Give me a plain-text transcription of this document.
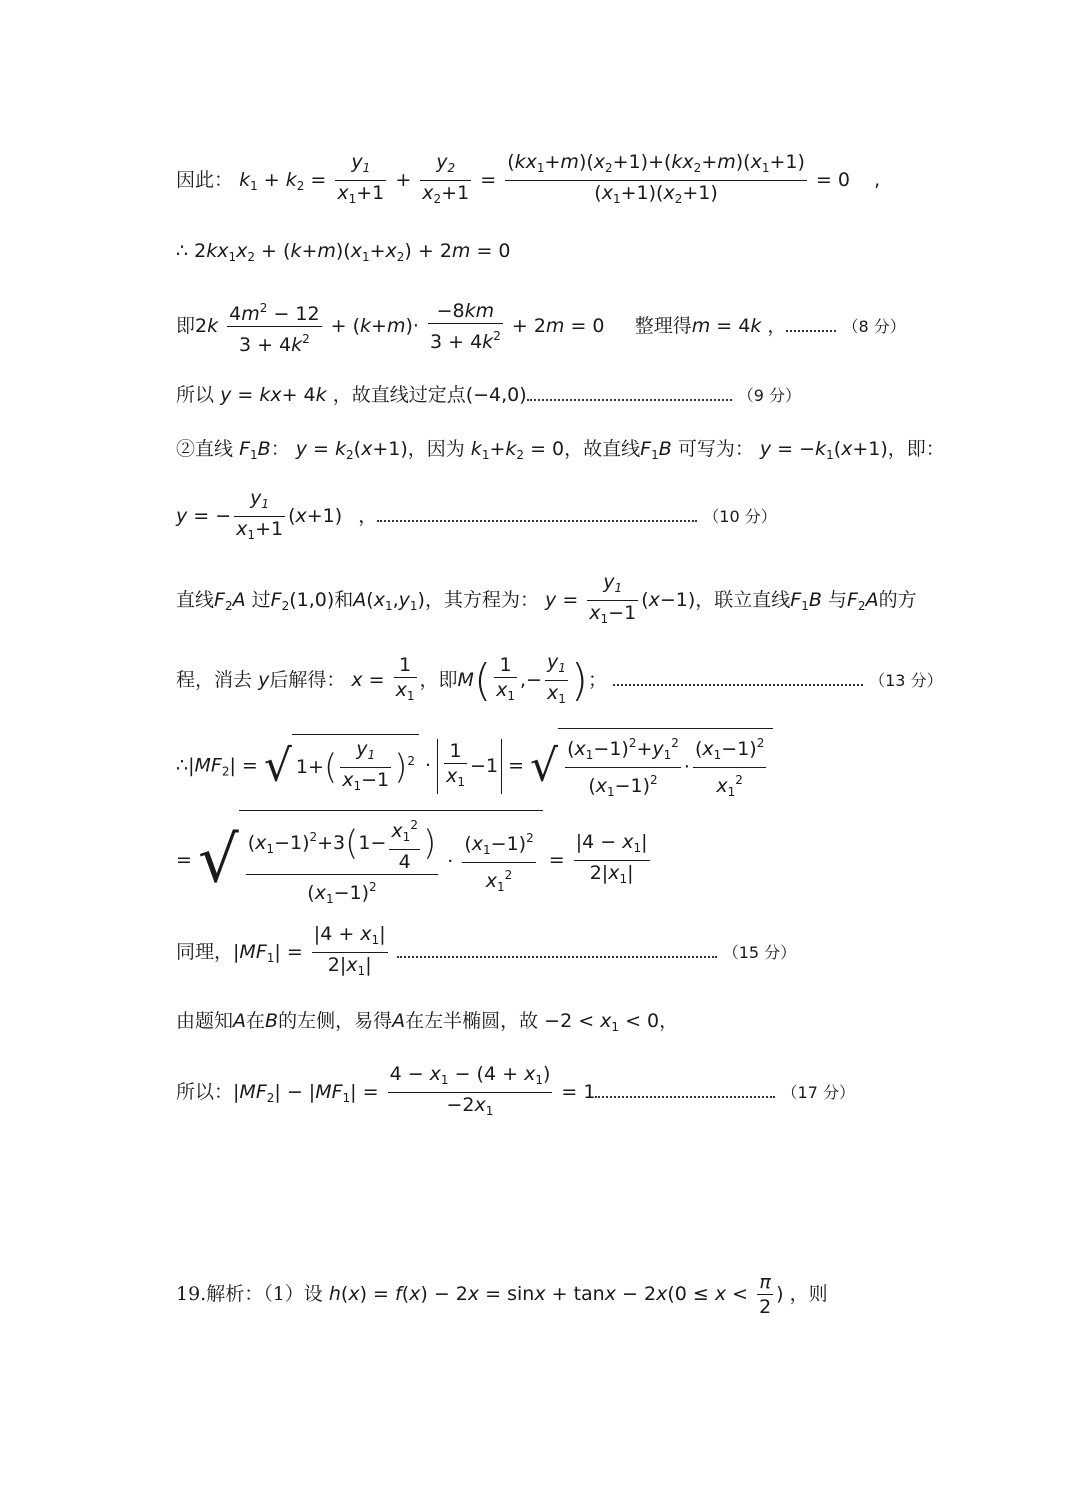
因此： $k_1 + k_2 = \frac{y_1}{x_1+1} + \frac{y_2}{x_2+1} = \frac{(kx_1+m)(x_2+1)+(kx_2+m)(x_1+1)}{(x_1+1)(x_2+1)} = 0$    ,
∴ $2kx_1x_2 + (k+m)(x_1+x_2) + 2m = 0$
即$2k \frac{4m^2 - 12}{3 + 4k^2} + (k+m)\cdot \frac{-8km}{3 + 4k^2} + 2m = 0$     整理得m = 4k ，	（8 分）
所以 y = kx+ 4k ，故直线过定点(−4,0)	（9 分）
②直线 $F_1B$： $y = k_2(x+1)$，因为 $k_1+k_2 = 0$，故直线$F_1B$ 可写为： $y = -k_1(x+1)$，即：
y = − $\frac{y_1}{x_1+1} (x+1)$ ，	（10 分）
直线$F_2A$ 过$F_2(1,0)$和$A(x_1,y_1)$，其方程为： $y = \frac{y_1}{x_1-1} (x-1)$，联立直线$F_1B$ 与$F_2A$的方
程，消去 y后解得： $x = \frac{1}{x_1}$ ，即$M( \frac{1}{x_1}$ ,− $\frac{y_1}{x_1}$ )；	（13 分）
$\therefore|MF_2|$ = √ $1+( \frac{y_1}{x_1-1} )^2 \cdot \frac{1}{x_1} -1$ = √ $\frac{(x_1-1)^2+y_1^2}{(x_1-1)^2} \cdot \frac{(x_1-1)^2}{x_1^2}$
= √ $\frac{(x_1-1)^2+3(1- \frac{x_1^2}{4} )}{(x_1-1)^2} \cdot \frac{(x_1-1)^2}{x_1^2} = \frac{|4 - x_1|}{2|x_1|}$
同理，$|MF_1| = \frac{|4 + x_1|}{2|x_1|}$	（15 分）
由题知A在B的左侧，易得A在左半椭圆，故 $-2 < x_1 < 0$，
所以：$|MF_2| - |MF_1| = \frac{4 - x_1 - (4 + x_1)}{-2x_1} = 1$	（17 分）
19.解析：（1）设 $h(x) = f(x) - 2x = \sin x + \tan x - 2x(0 \le x < \frac{\pi}{2}$ ) ，则
